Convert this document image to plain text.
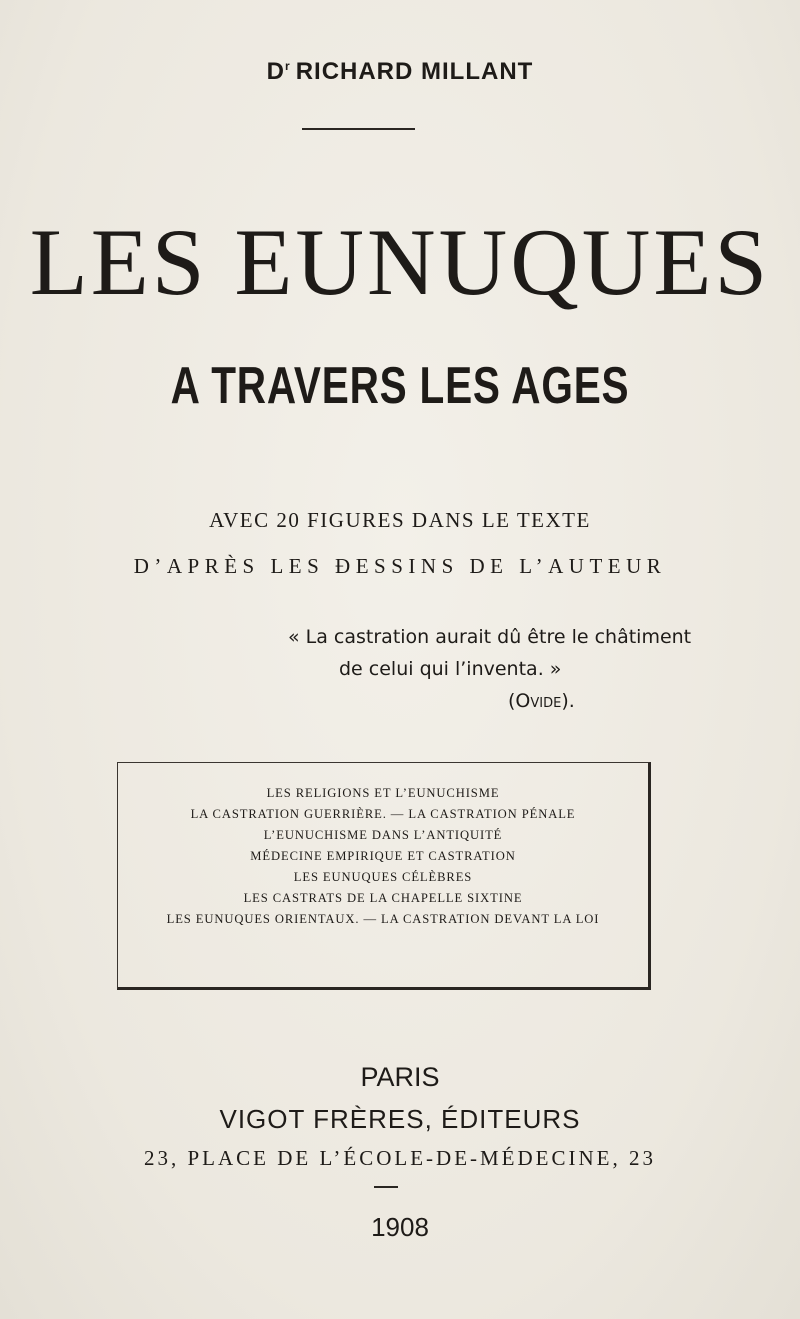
$D^r$ RICHARD MILLANT
LES EUNUQUES
A TRAVERS LES AGES
AVEC 20 FIGURES DANS LE TEXTE
D’APRÈS LES ÐESSINS DE L’AUTEUR
« La castration aurait dû être le châtiment
de celui qui l’inventa. »
(Ovide).
LES RELIGIONS ET L’EUNUCHISME
LA CASTRATION GUERRIÈRE. — LA CASTRATION PÉNALE
L’EUNUCHISME DANS L’ANTIQUITÉ
MÉDECINE EMPIRIQUE ET CASTRATION
LES EUNUQUES CÉLÈBRES
LES CASTRATS DE LA CHAPELLE SIXTINE
LES EUNUQUES ORIENTAUX. — LA CASTRATION DEVANT LA LOI
PARIS
VIGOT FRÈRES, ÉDITEURS
23, PLACE DE L’ÉCOLE-DE-MÉDECINE, 23
1908
